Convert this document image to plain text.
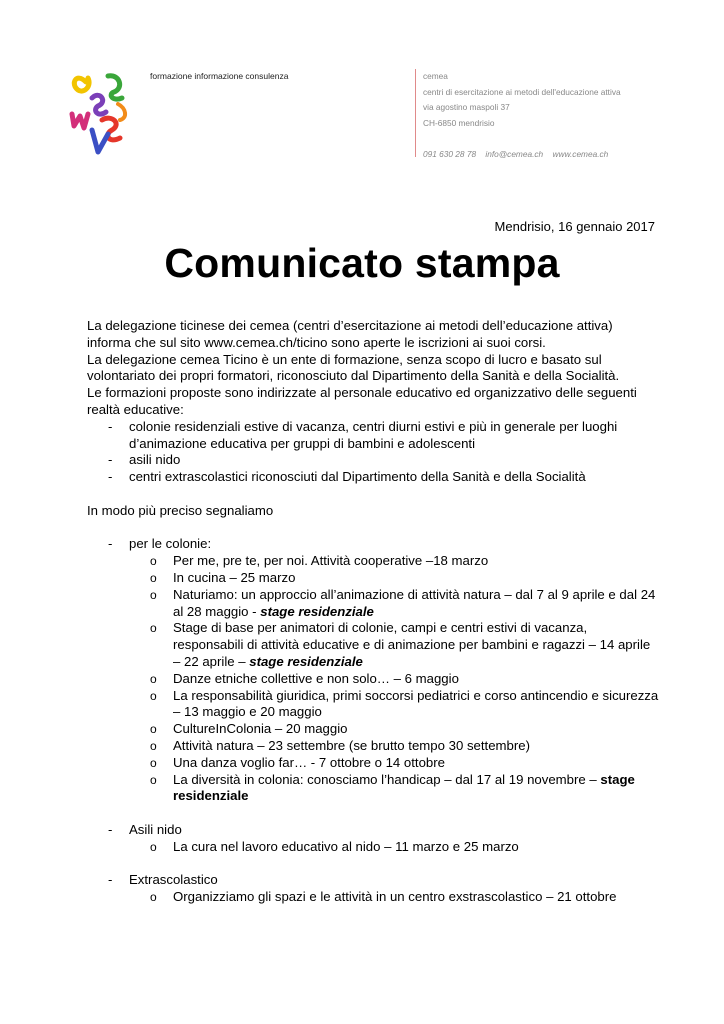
formazione informazione consulenza	cemea
centri di esercitazione ai metodi dell'educazione attiva
via agostino maspoli 37
CH-6850 mendrisio
091 630 28 78 info@cemea.ch www.cemea.ch
Mendrisio, 16 gennaio 2017
Comunicato stampa

La delegazione ticinese dei cemea (centri d’esercitazione ai metodi dell’educazione attiva) informa che sul sito www.cemea.ch/ticino sono aperte le iscrizioni ai suoi corsi.

La delegazione cemea Ticino è un ente di formazione, senza scopo di lucro e basato sul volontariato dei propri formatori, riconosciuto dal Dipartimento della Sanità e della Socialità.

Le formazioni proposte sono indirizzate al personale educativo ed organizzativo delle seguenti realtà educative:

- colonie residenziali estive di vacanza, centri diurni estivi e più in generale per luoghi d’animazione educativa per gruppi di bambini e adolescenti
- asili nido
- centri extrascolastici riconosciuti dal Dipartimento della Sanità e della Socialità

In modo più preciso segnaliamo

- per le colonie:
o Per me, pre te, per noi. Attività cooperative –18 marzo
o In cucina – 25 marzo
o Naturiamo: un approccio all’animazione di attività natura – dal 7 al 9 aprile e dal 24 al 28 maggio - stage residenziale
o Stage di base per animatori di colonie, campi e centri estivi di vacanza, responsabili di attività educative e di animazione per bambini e ragazzi – 14 aprile – 22 aprile – stage residenziale
o Danze etniche collettive e non solo… – 6 maggio
o La responsabilità giuridica, primi soccorsi pediatrici e corso antincendio e sicurezza – 13 maggio e 20 maggio
o CultureInColonia – 20 maggio
o Attività natura – 23 settembre (se brutto tempo 30 settembre)
o Una danza voglio far… - 7 ottobre o 14 ottobre
o La diversità in colonia: conosciamo l’handicap – dal 17 al 19 novembre – stage residenziale
- Asili nido
o La cura nel lavoro educativo al nido – 11 marzo e 25 marzo
- Extrascolastico
o Organizziamo gli spazi e le attività in un centro exstrascolastico – 21 ottobre
